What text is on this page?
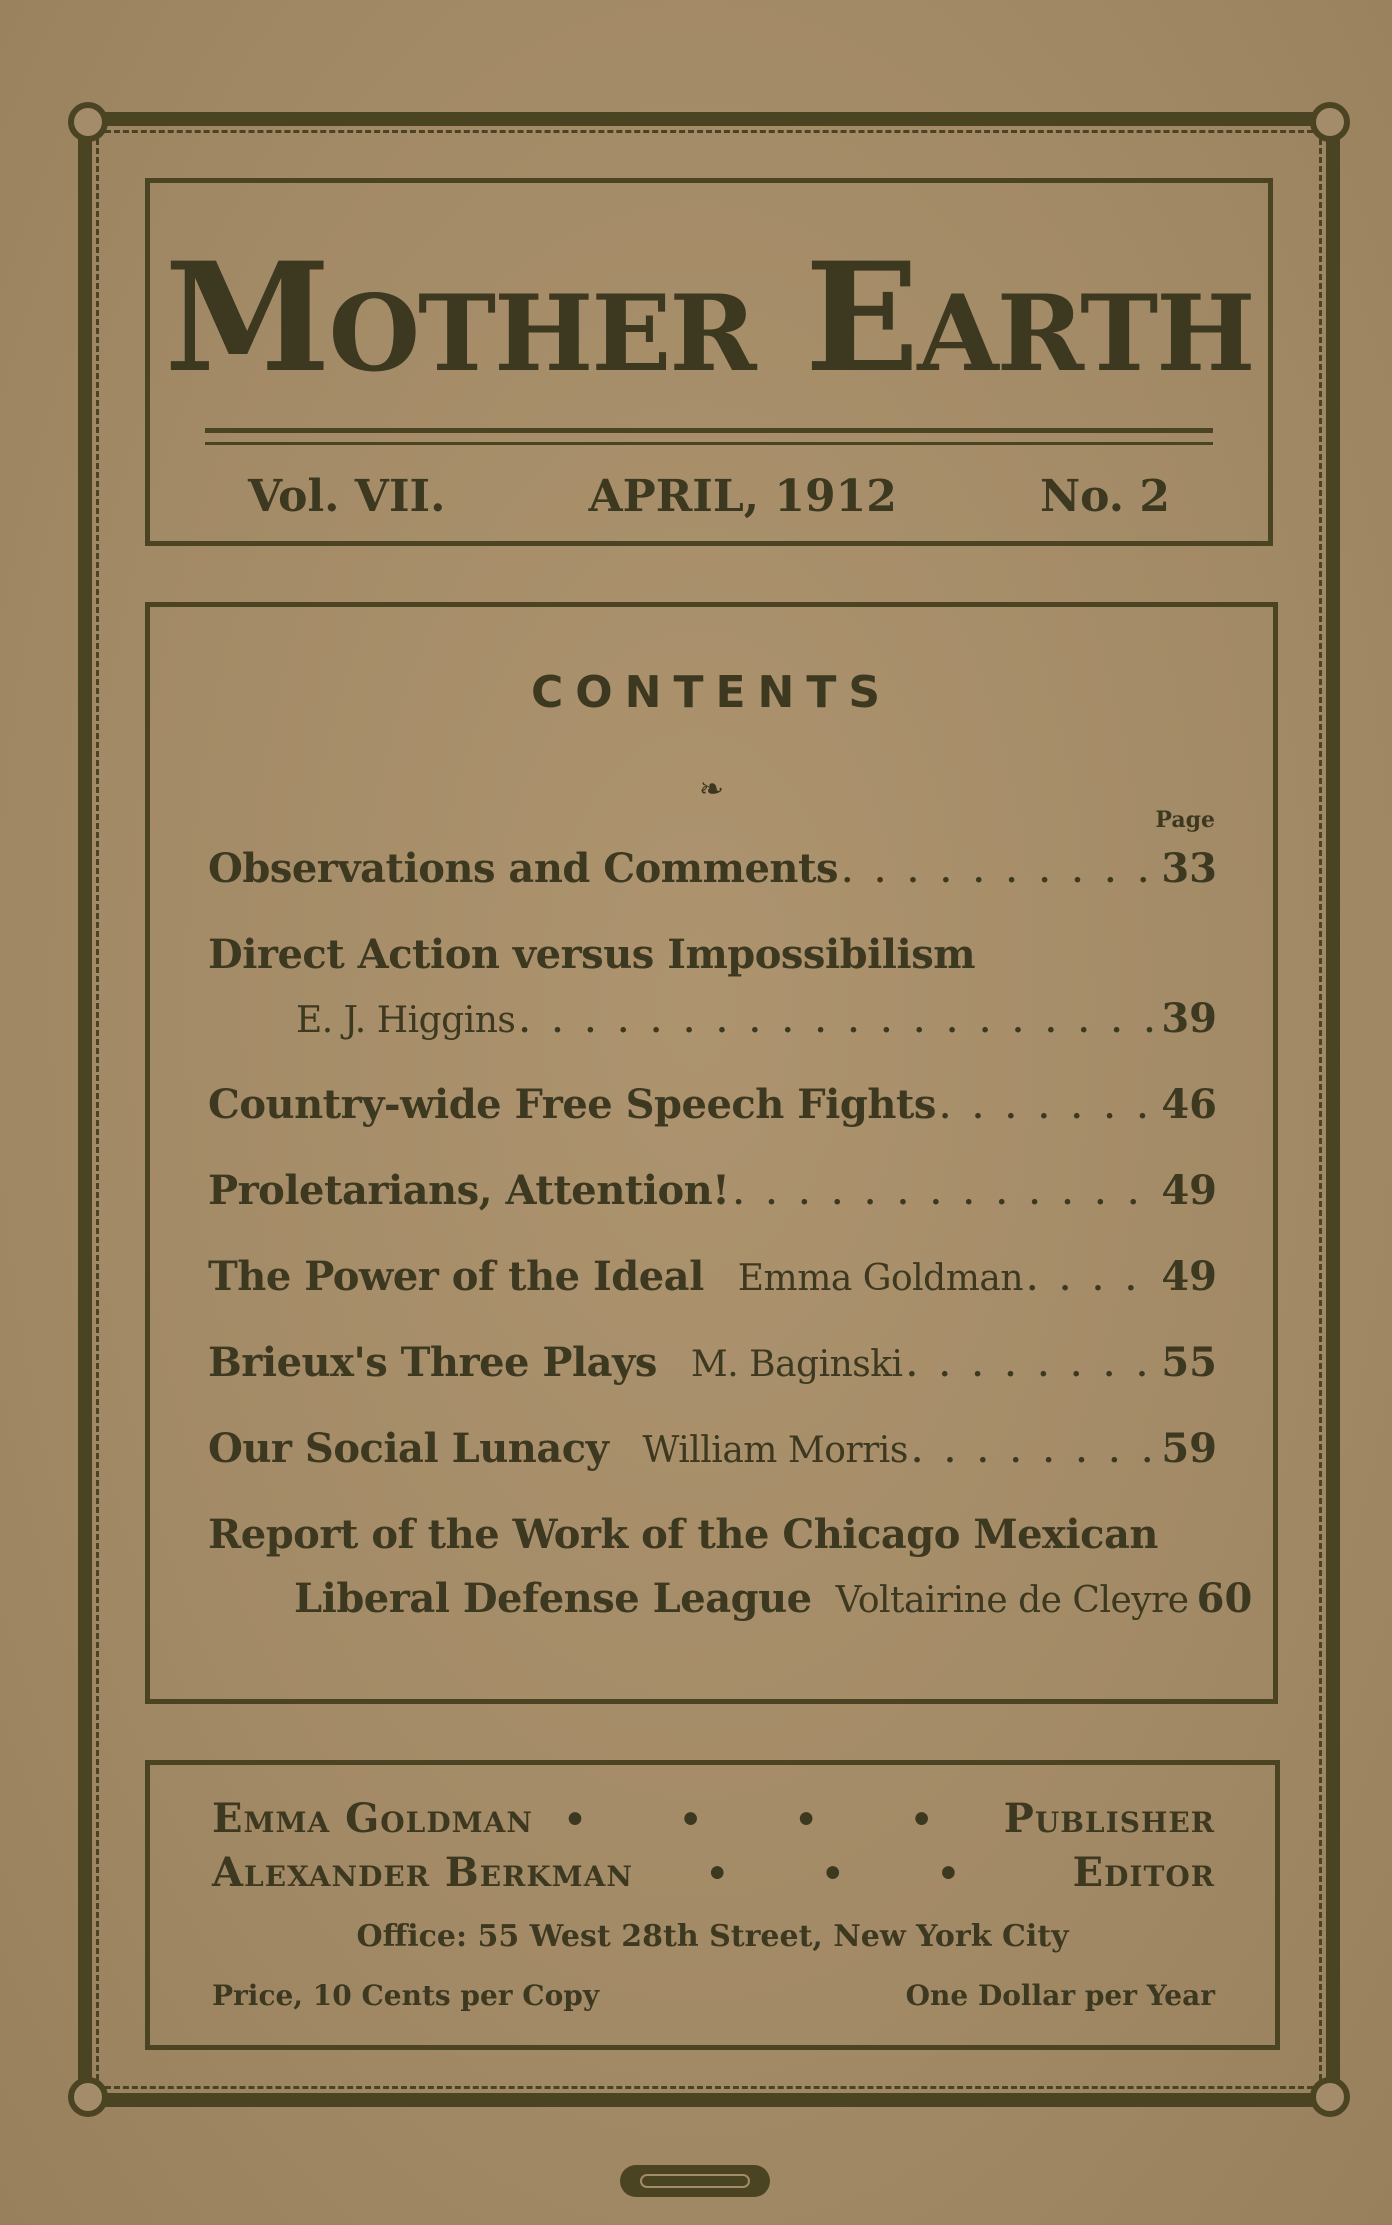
Mother Earth
Vol. VII.	APRIL, 1912	No. 2
CONTENTS
❧
Page
Observations and Comments . . .	33
Direct Action versus Impossibilism
E. J. Higgins . . .	39
Country-wide Free Speech Fights . . .	46
Proletarians, Attention! . . .	49
The Power of the Ideal Emma Goldman . . .	49
Brieux's Three Plays M. Baginski . . .	55
Our Social Lunacy William Morris . . .	59
Report of the Work of the Chicago Mexican
Liberal Defense League Voltairine de Cleyre 60
Emma Goldman • • • • Publisher
Alexander Berkman • • • Editor
Office: 55 West 28th Street, New York City
Price, 10 Cents per Copy	One Dollar per Year
